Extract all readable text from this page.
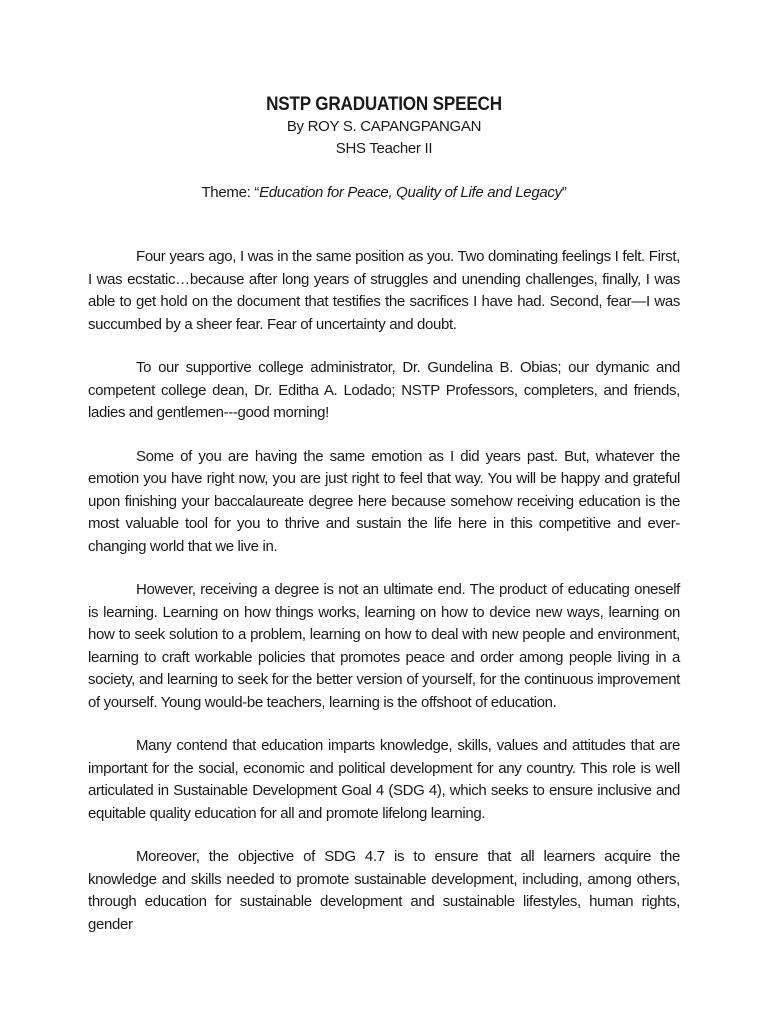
NSTP GRADUATION SPEECH

By ROY S. CAPANGPANGAN

SHS Teacher II

Theme: “Education for Peace, Quality of Life and Legacy”

Four years ago, I was in the same position as you. Two dominating feelings I felt. First, I was ecstatic…because after long years of struggles and unending challenges, finally, I was able to get hold on the document that testifies the sacrifices I have had. Second, fear—I was succumbed by a sheer fear. Fear of uncertainty and doubt.

To our supportive college administrator, Dr. Gundelina B. Obias; our dymanic and competent college dean, Dr. Editha A. Lodado; NSTP Professors, completers, and friends, ladies and gentlemen---good morning!

Some of you are having the same emotion as I did years past. But, whatever the emotion you have right now, you are just right to feel that way. You will be happy and grateful upon finishing your baccalaureate degree here because somehow receiving education is the most valuable tool for you to thrive and sustain the life here in this competitive and ever-changing world that we live in.

However, receiving a degree is not an ultimate end. The product of educating oneself is learning. Learning on how things works, learning on how to device new ways, learning on how to seek solution to a problem, learning on how to deal with new people and environment, learning to craft workable policies that promotes peace and order among people living in a society, and learning to seek for the better version of yourself, for the continuous improvement of yourself. Young would-be teachers, learning is the offshoot of education.

Many contend that education imparts knowledge, skills, values and attitudes that are important for the social, economic and political development for any country. This role is well articulated in Sustainable Development Goal 4 (SDG 4), which seeks to ensure inclusive and equitable quality education for all and promote lifelong learning.

Moreover, the objective of SDG 4.7 is to ensure that all learners acquire the knowledge and skills needed to promote sustainable development, including, among others, through education for sustainable development and sustainable lifestyles, human rights, gender
